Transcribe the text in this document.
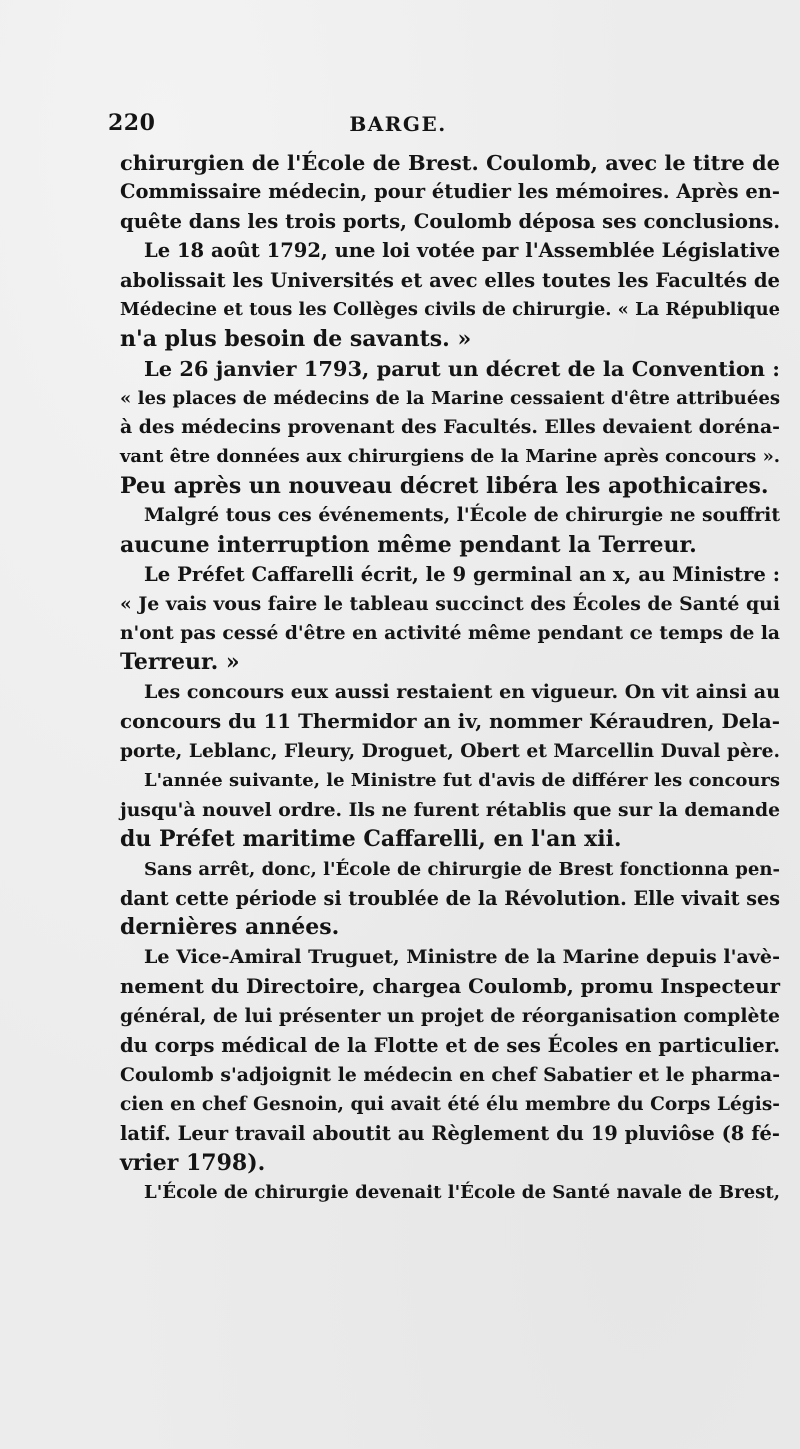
220	BARGE.
chirurgien de l'École de Brest. Coulomb, avec le titre de
Commissaire médecin, pour étudier les mémoires. Après en-
quête dans les trois ports, Coulomb déposa ses conclusions.
Le 18 août 1792, une loi votée par l'Assemblée Législative
abolissait les Universités et avec elles toutes les Facultés de
Médecine et tous les Collèges civils de chirurgie. « La République
n'a plus besoin de savants. »
Le 26 janvier 1793, parut un décret de la Convention :
« les places de médecins de la Marine cessaient d'être attribuées
à des médecins provenant des Facultés. Elles devaient doréna-
vant être données aux chirurgiens de la Marine après concours ».
Peu après un nouveau décret libéra les apothicaires.
Malgré tous ces événements, l'École de chirurgie ne souffrit
aucune interruption même pendant la Terreur.
Le Préfet Caffarelli écrit, le 9 germinal an x, au Ministre :
« Je vais vous faire le tableau succinct des Écoles de Santé qui
n'ont pas cessé d'être en activité même pendant ce temps de la
Terreur. »
Les concours eux aussi restaient en vigueur. On vit ainsi au
concours du 11 Thermidor an iv, nommer Kéraudren, Dela-
porte, Leblanc, Fleury, Droguet, Obert et Marcellin Duval père.
L'année suivante, le Ministre fut d'avis de différer les concours
jusqu'à nouvel ordre. Ils ne furent rétablis que sur la demande
du Préfet maritime Caffarelli, en l'an xii.
Sans arrêt, donc, l'École de chirurgie de Brest fonctionna pen-
dant cette période si troublée de la Révolution. Elle vivait ses
dernières années.
Le Vice-Amiral Truguet, Ministre de la Marine depuis l'avè-
nement du Directoire, chargea Coulomb, promu Inspecteur
général, de lui présenter un projet de réorganisation complète
du corps médical de la Flotte et de ses Écoles en particulier.
Coulomb s'adjoignit le médecin en chef Sabatier et le pharma-
cien en chef Gesnoin, qui avait été élu membre du Corps Légis-
latif. Leur travail aboutit au Règlement du 19 pluviôse (8 fé-
vrier 1798).
L'École de chirurgie devenait l'École de Santé navale de Brest,
